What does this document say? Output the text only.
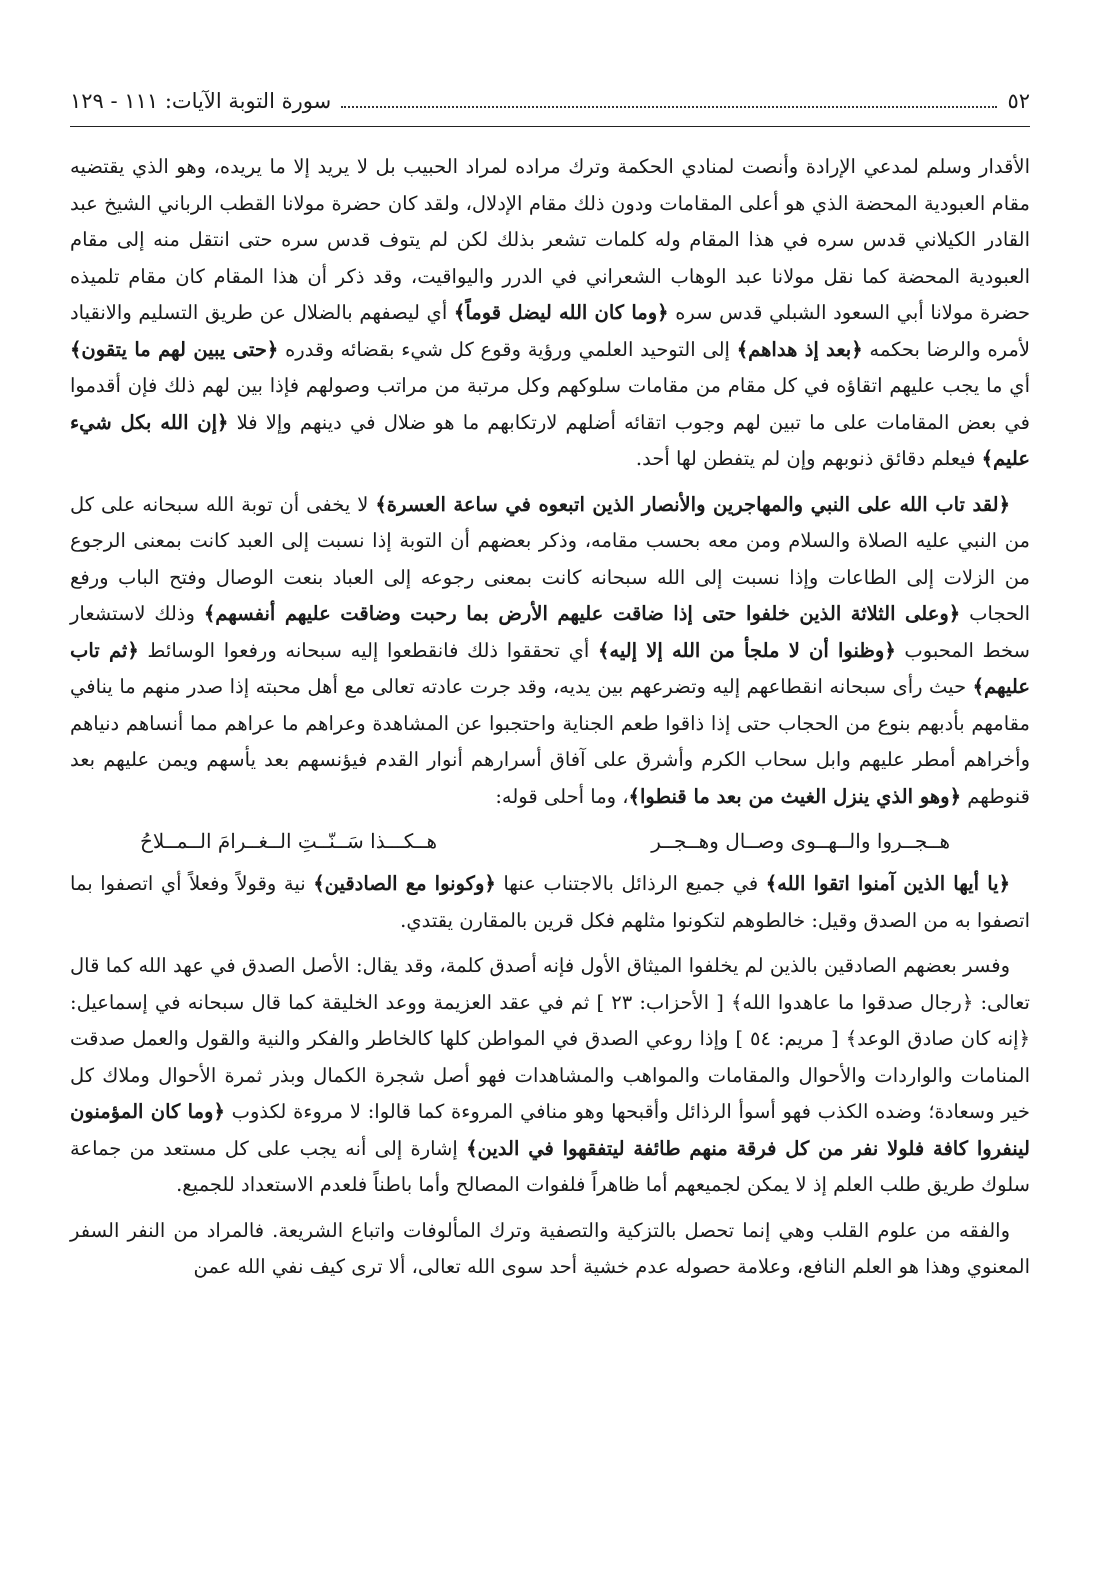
٥٢
سورة التوبة الآيات: ١١١ - ١٢٩

الأقدار وسلم لمدعي الإرادة وأنصت لمنادي الحكمة وترك مراده لمراد الحبيب بل لا يريد إلا ما يريده، وهو الذي يقتضيه مقام العبودية المحضة الذي هو أعلى المقامات ودون ذلك مقام الإدلال، ولقد كان حضرة مولانا القطب الرباني الشيخ عبد القادر الكيلاني قدس سره في هذا المقام وله كلمات تشعر بذلك لكن لم يتوف قدس سره حتى انتقل منه إلى مقام العبودية المحضة كما نقل مولانا عبد الوهاب الشعراني في الدرر واليواقيت، وقد ذكر أن هذا المقام كان مقام تلميذه حضرة مولانا أبي السعود الشبلي قدس سره ﴿وما كان الله ليضل قوماً﴾ أي ليصفهم بالضلال عن طريق التسليم والانقياد لأمره والرضا بحكمه ﴿بعد إذ هداهم﴾ إلى التوحيد العلمي ورؤية وقوع كل شيء بقضائه وقدره ﴿حتى يبين لهم ما يتقون﴾ أي ما يجب عليهم اتقاؤه في كل مقام من مقامات سلوكهم وكل مرتبة من مراتب وصولهم فإذا بين لهم ذلك فإن أقدموا في بعض المقامات على ما تبين لهم وجوب اتقائه أضلهم لارتكابهم ما هو ضلال في دينهم وإلا فلا ﴿إن الله بكل شيء عليم﴾ فيعلم دقائق ذنوبهم وإن لم يتفطن لها أحد.

﴿لقد تاب الله على النبي والمهاجرين والأنصار الذين اتبعوه في ساعة العسرة﴾ لا يخفى أن توبة الله سبحانه على كل من النبي عليه الصلاة والسلام ومن معه بحسب مقامه، وذكر بعضهم أن التوبة إذا نسبت إلى العبد كانت بمعنى الرجوع من الزلات إلى الطاعات وإذا نسبت إلى الله سبحانه كانت بمعنى رجوعه إلى العباد بنعت الوصال وفتح الباب ورفع الحجاب ﴿وعلى الثلاثة الذين خلفوا حتى إذا ضاقت عليهم الأرض بما رحبت وضاقت عليهم أنفسهم﴾ وذلك لاستشعار سخط المحبوب ﴿وظنوا أن لا ملجأ من الله إلا إليه﴾ أي تحققوا ذلك فانقطعوا إليه سبحانه ورفعوا الوسائط ﴿ثم تاب عليهم﴾ حيث رأى سبحانه انقطاعهم إليه وتضرعهم بين يديه، وقد جرت عادته تعالى مع أهل محبته إذا صدر منهم ما ينافي مقامهم بأدبهم بنوع من الحجاب حتى إذا ذاقوا طعم الجناية واحتجبوا عن المشاهدة وعراهم ما عراهم مما أنساهم دنياهم وأخراهم أمطر عليهم وابل سحاب الكرم وأشرق على آفاق أسرارهم أنوار القدم فيؤنسهم بعد يأسهم ويمن عليهم بعد قنوطهم ﴿وهو الذي ينزل الغيث من بعد ما قنطوا﴾، وما أحلى قوله:

هــجــروا والــهــوى وصــال وهــجــر
هــكـــذا سَــنّــتِ الــغــرامَ الــمــلاحُ

﴿يا أيها الذين آمنوا اتقوا الله﴾ في جميع الرذائل بالاجتناب عنها ﴿وكونوا مع الصادقين﴾ نية وقولاً وفعلاً أي اتصفوا بما اتصفوا به من الصدق وقيل: خالطوهم لتكونوا مثلهم فكل قرين بالمقارن يقتدي.

وفسر بعضهم الصادقين بالذين لم يخلفوا الميثاق الأول فإنه أصدق كلمة، وقد يقال: الأصل الصدق في عهد الله كما قال تعالى: ﴿رجال صدقوا ما عاهدوا الله﴾ [ الأحزاب: ٢٣ ] ثم في عقد العزيمة ووعد الخليقة كما قال سبحانه في إسماعيل: ﴿إنه كان صادق الوعد﴾ [ مريم: ٥٤ ] وإذا روعي الصدق في المواطن كلها كالخاطر والفكر والنية والقول والعمل صدقت المنامات والواردات والأحوال والمقامات والمواهب والمشاهدات فهو أصل شجرة الكمال وبذر ثمرة الأحوال وملاك كل خير وسعادة؛ وضده الكذب فهو أسوأ الرذائل وأقبحها وهو منافي المروءة كما قالوا: لا مروءة لكذوب ﴿وما كان المؤمنون لينفروا كافة فلولا نفر من كل فرقة منهم طائفة ليتفقهوا في الدين﴾ إشارة إلى أنه يجب على كل مستعد من جماعة سلوك طريق طلب العلم إذ لا يمكن لجميعهم أما ظاهراً فلفوات المصالح وأما باطناً فلعدم الاستعداد للجميع.

والفقه من علوم القلب وهي إنما تحصل بالتزكية والتصفية وترك المألوفات واتباع الشريعة. فالمراد من النفر السفر المعنوي وهذا هو العلم النافع، وعلامة حصوله عدم خشية أحد سوى الله تعالى، ألا ترى كيف نفي الله عمن
